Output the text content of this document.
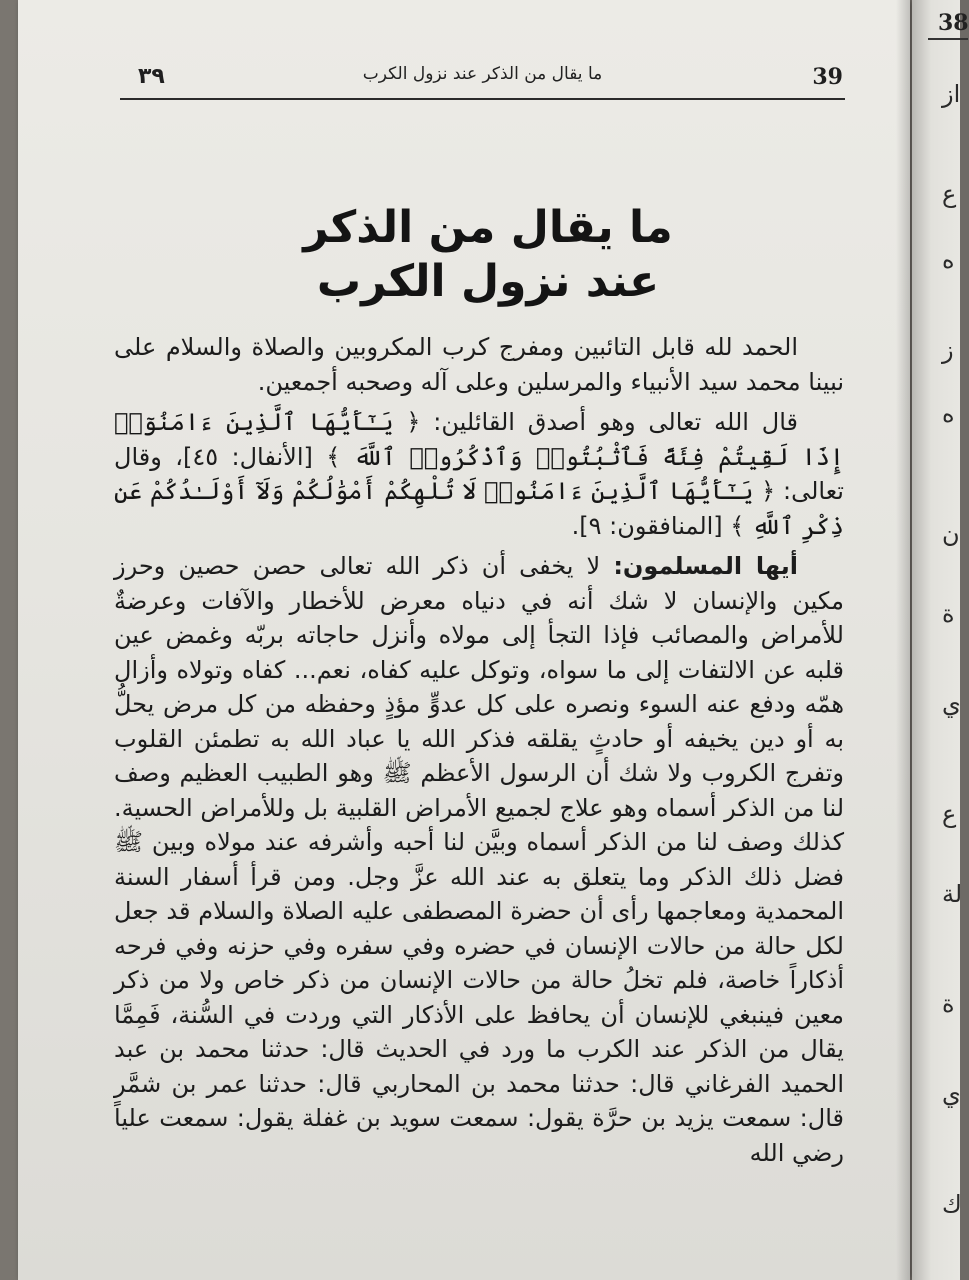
٣٩	ما يقال من الذكر عند نزول الكرب	39
ما يقال من الذكر
عند نزول الكرب

الحمد لله قابل التائبين ومفرج كرب المكروبين والصلاة والسلام على نبينا محمد سيد الأنبياء والمرسلين وعلى آله وصحبه أجمعين.

قال الله تعالى وهو أصدق القائلين: ﴿ يَـٰٓأَيُّهَا ٱلَّذِينَ ءَامَنُوٓا۟ إِذَا لَقِيتُمْ فِئَةً فَٱثْبُتُوا۟ وَٱذْكُرُوا۟ ٱللَّهَ ﴾ [الأنفال: ٤٥]، وقال تعالى: ﴿ يَـٰٓأَيُّهَا ٱلَّذِينَ ءَامَنُوا۟ لَا تُلْهِكُمْ أَمْوَٰلُكُمْ وَلَآ أَوْلَـٰدُكُمْ عَن ذِكْرِ ٱللَّهِ ﴾ [المنافقون: ٩].

أيها المسلمون: لا يخفى أن ذكر الله تعالى حصن حصين وحرز مكين والإنسان لا شك أنه في دنياه معرض للأخطار والآفات وعرضةٌ للأمراض والمصائب فإذا التجأ إلى مولاه وأنزل حاجاته بربّه وغمض عين قلبه عن الالتفات إلى ما سواه، وتوكل عليه كفاه، نعم... كفاه وتولاه وأزال همّه ودفع عنه السوء ونصره على كل عدوٍّ مؤذٍ وحفظه من كل مرض يحلُّ به أو دين يخيفه أو حادثٍ يقلقه فذكر الله يا عباد الله به تطمئن القلوب وتفرج الكروب ولا شك أن الرسول الأعظم ﷺ وهو الطبيب العظيم وصف لنا من الذكر أسماه وهو علاج لجميع الأمراض القلبية بل وللأمراض الحسية. كذلك وصف لنا من الذكر أسماه وبيَّن لنا أحبه وأشرفه عند مولاه وبين ﷺ فضل ذلك الذكر وما يتعلق به عند الله عزَّ وجل. ومن قرأ أسفار السنة المحمدية ومعاجمها رأى أن حضرة المصطفى عليه الصلاة والسلام قد جعل لكل حالة من حالات الإنسان في حضره وفي سفره وفي حزنه وفي فرحه أذكاراً خاصة، فلم تخلُ حالة من حالات الإنسان من ذكر خاص ولا من ذكر معين فينبغي للإنسان أن يحافظ على الأذكار التي وردت في السُّنة، فَمِمَّا يقال من الذكر عند الكرب ما ورد في الحديث قال: حدثنا محمد بن عبد الحميد الفرغاني قال: حدثنا محمد بن المحاربي قال: حدثنا عمر بن شمَّر قال: سمعت يزيد بن حرَّة يقول: سمعت سويد بن غفلة يقول: سمعت علياً رضي الله

38
از
ع
ه
ز
ه
ن
ة
ي
ع
لة
ة
ي
ك
